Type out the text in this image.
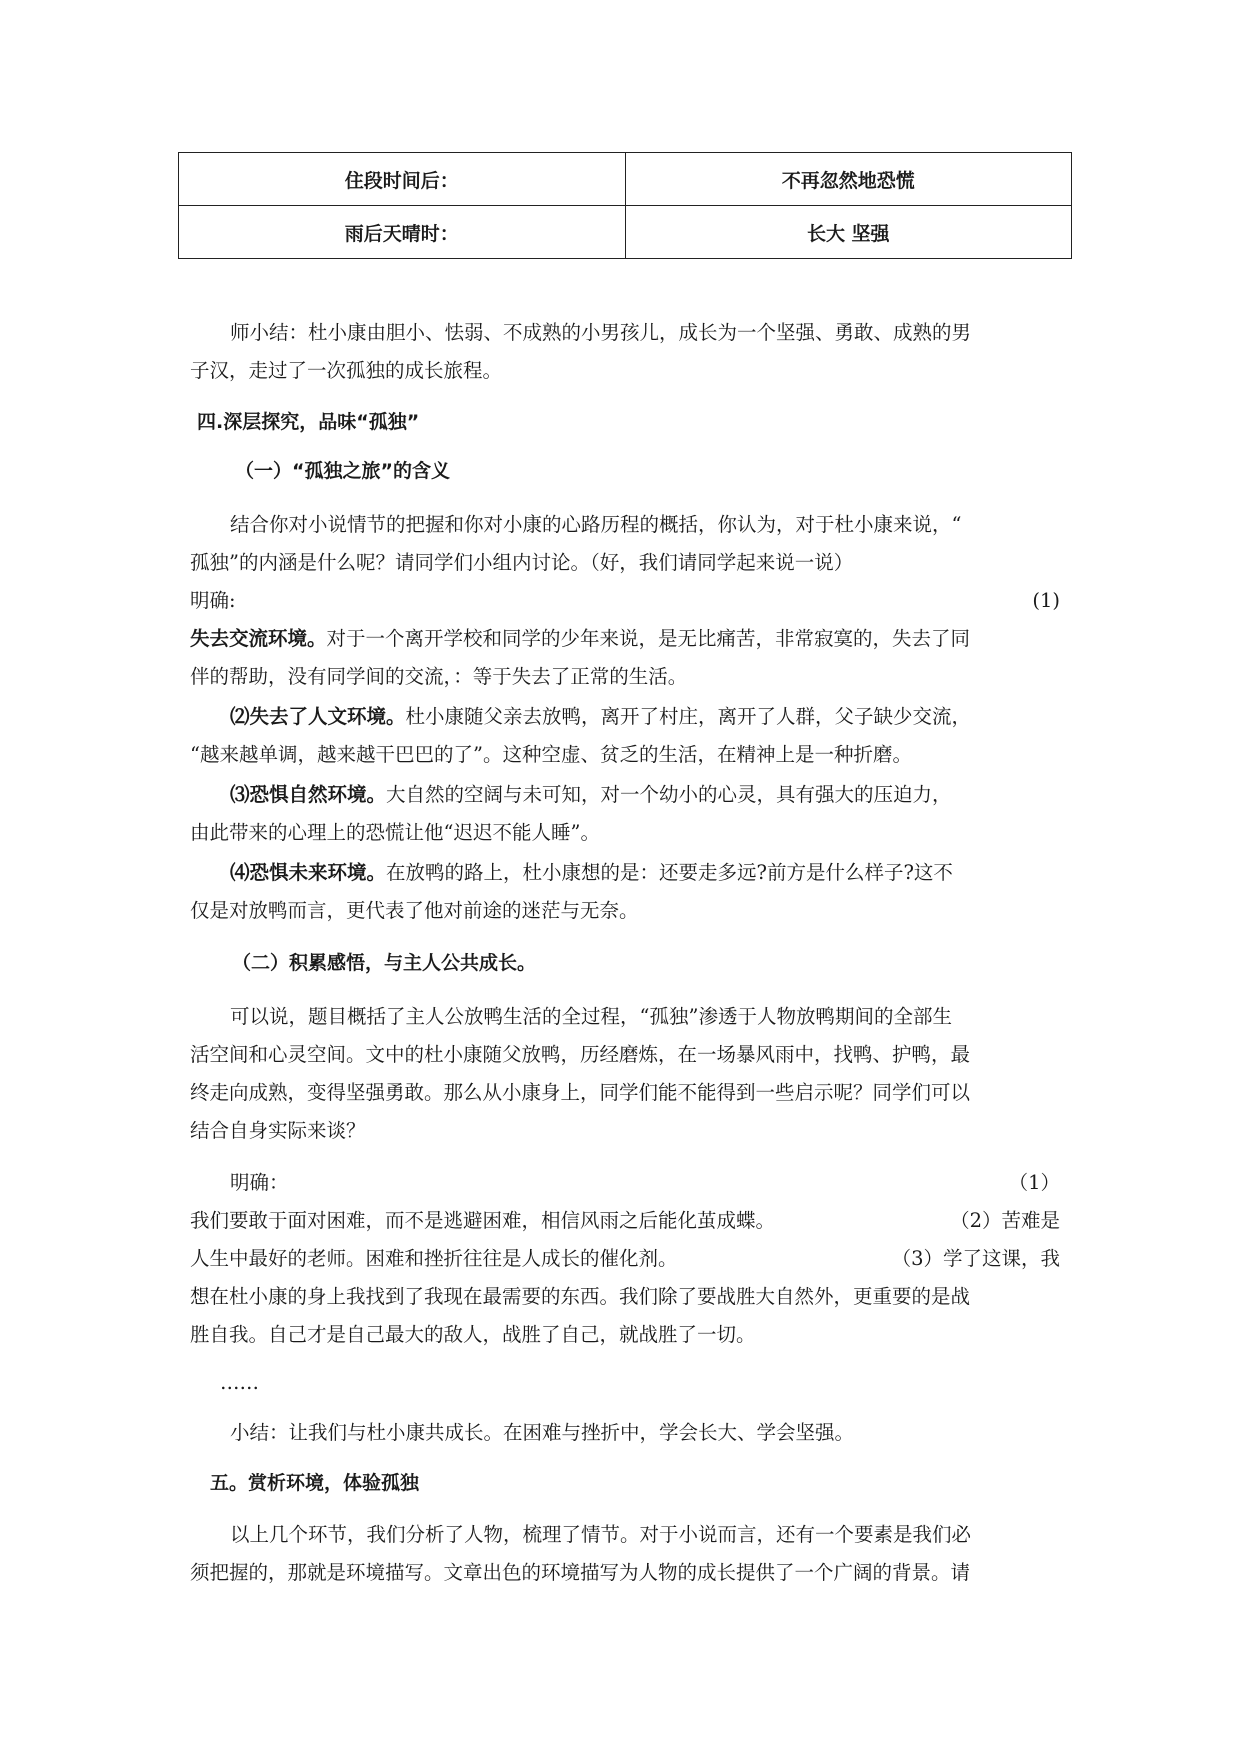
住段时间后：	不再忽然地恐慌
雨后天晴时：	长大 坚强
师小结：杜小康由胆小、怯弱、不成熟的小男孩儿，成长为一个坚强、勇敢、成熟的男
子汉，走过了一次孤独的成长旅程。
四.深层探究，品味“孤独”
（一）“孤独之旅”的含义
结合你对小说情节的把握和你对小康的心路历程的概括，你认为，对于杜小康来说，“
孤独”的内涵是什么呢？请同学们小组内讨论。（好，我们请同学起来说一说）
明确:	(1)
失去交流环境。对于一个离开学校和同学的少年来说，是无比痛苦，非常寂寞的，失去了同
伴的帮助，没有同学间的交流，：等于失去了正常的生活。
⑵失去了人文环境。杜小康随父亲去放鸭，离开了村庄，离开了人群，父子缺少交流，
“越来越单调，越来越干巴巴的了”。这种空虚、贫乏的生活，在精神上是一种折磨。
⑶恐惧自然环境。大自然的空阔与未可知，对一个幼小的心灵，具有强大的压迫力，
由此带来的心理上的恐慌让他“迟迟不能人睡”。
⑷恐惧未来环境。在放鸭的路上，杜小康想的是：还要走多远?前方是什么样子?这不
仅是对放鸭而言，更代表了他对前途的迷茫与无奈。
（二）积累感悟，与主人公共成长。
可以说，题目概括了主人公放鸭生活的全过程，“孤独”渗透于人物放鸭期间的全部生
活空间和心灵空间。文中的杜小康随父放鸭，历经磨炼，在一场暴风雨中，找鸭、护鸭，最
终走向成熟，变得坚强勇敢。那么从小康身上，同学们能不能得到一些启示呢？同学们可以
结合自身实际来谈？
明确：	（1）
我们要敢于面对困难，而不是逃避困难，相信风雨之后能化茧成蝶。	（2）苦难是
人生中最好的老师。困难和挫折往往是人成长的催化剂。	（3）学了这课，我
想在杜小康的身上我找到了我现在最需要的东西。我们除了要战胜大自然外，更重要的是战
胜自我。自己才是自己最大的敌人，战胜了自己，就战胜了一切。
……
小结：让我们与杜小康共成长。在困难与挫折中，学会长大、学会坚强。
五。赏析环境，体验孤独
以上几个环节，我们分析了人物，梳理了情节。对于小说而言，还有一个要素是我们必
须把握的，那就是环境描写。文章出色的环境描写为人物的成长提供了一个广阔的背景。请
